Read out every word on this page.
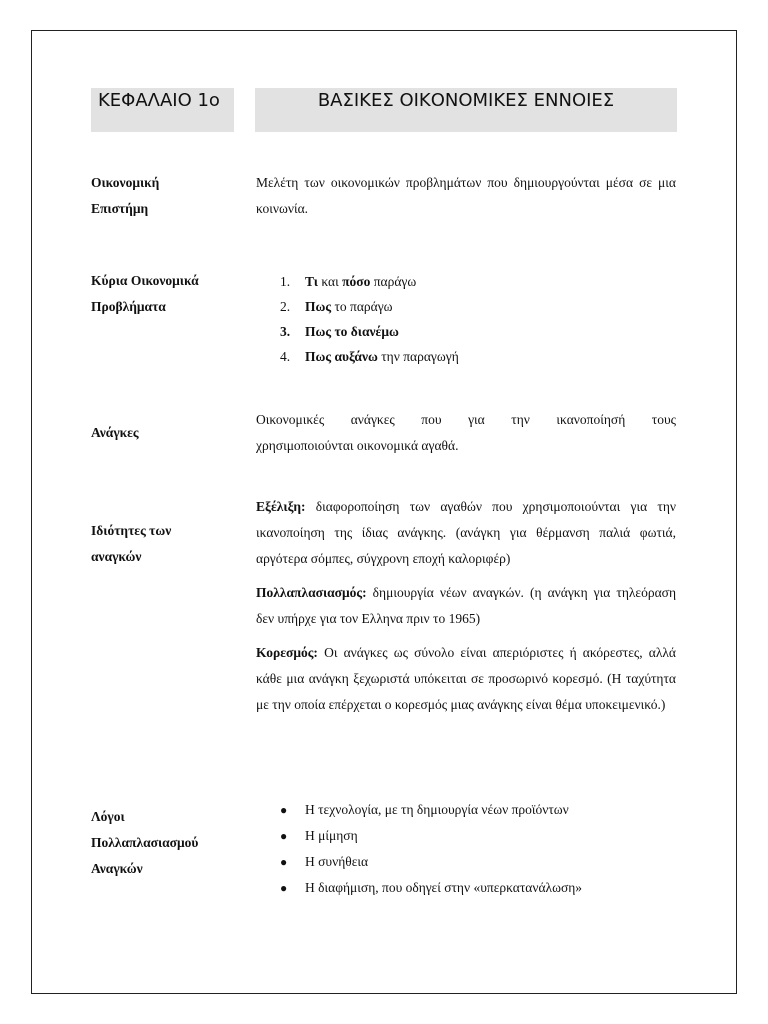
ΚΕΦΑΛΑΙΟ 1ο	ΒΑΣΙΚΕΣ ΟΙΚΟΝΟΜΙΚΕΣ ΕΝΝΟΙΕΣ
Οικονομική
Επιστήμη

Μελέτη των οικονομικών προβλημάτων που δημιουργούνται μέσα σε μια κοινωνία.

Κύρια Οικονομικά
Προβλήματα
1. Τι και πόσο παράγω
2. Πως το παράγω
3. Πως το διανέμω
4. Πως αυξάνω την παραγωγή
Ανάγκες

Οικονομικές ανάγκες που για την ικανοποίησή τους

χρησιμοποιούνται οικονομικά αγαθά.

Ιδιότητες των
αναγκών

Εξέλιξη: διαφοροποίηση των αγαθών που χρησιμοποιούνται για την ικανοποίηση της ίδιας ανάγκης. (ανάγκη για θέρμανση παλιά φωτιά, αργότερα σόμπες, σύγχρονη εποχή καλοριφέρ)

Πολλαπλασιασμός: δημιουργία νέων αναγκών. (η ανάγκη για τηλεόραση δεν υπήρχε για τον Ελληνα πριν το 1965)

Κορεσμός: Οι ανάγκες ως σύνολο είναι απεριόριστες ή ακόρεστες, αλλά κάθε μια ανάγκη ξεχωριστά υπόκειται σε προσωρινό κορεσμό. (Η ταχύτητα με την οποία επέρχεται ο κορεσμός μιας ανάγκης είναι θέμα υποκειμενικό.)

Λόγοι
Πολλαπλασιασμού
Αναγκών
● Η τεχνολογία, με τη δημιουργία νέων προϊόντων
● Η μίμηση
● Η συνήθεια
● Η διαφήμιση, που οδηγεί στην «υπερκατανάλωση»
